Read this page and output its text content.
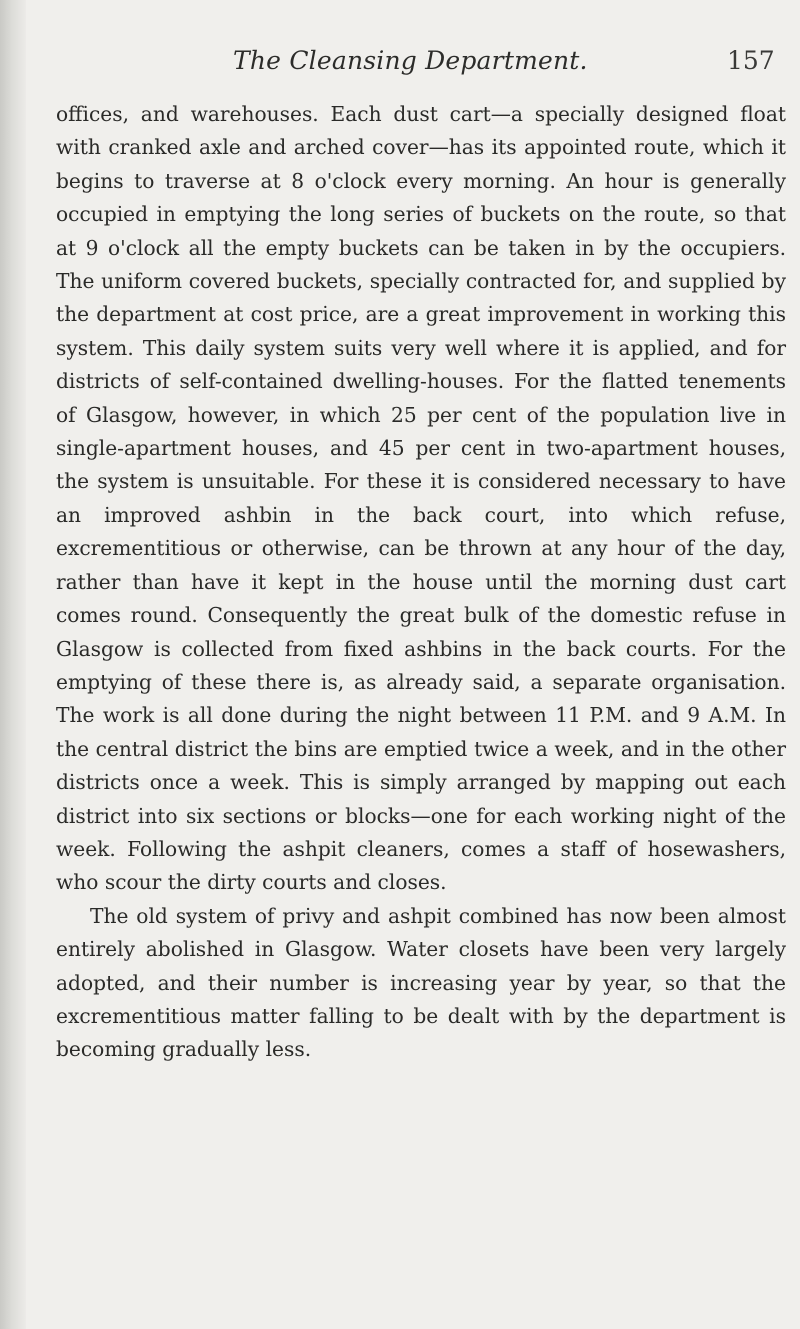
The Cleansing Department.	157

offices, and warehouses. Each dust cart—a specially designed float with cranked axle and arched cover—has its appointed route, which it begins to traverse at 8 o'clock every morning. An hour is generally occupied in emptying the long series of buckets on the route, so that at 9 o'clock all the empty buckets can be taken in by the occupiers. The uniform covered buckets, specially contracted for, and supplied by the department at cost price, are a great improvement in working this system. This daily system suits very well where it is applied, and for districts of self-contained dwelling-houses. For the flatted tenements of Glasgow, however, in which 25 per cent of the population live in single-apartment houses, and 45 per cent in two-apartment houses, the system is unsuitable. For these it is considered necessary to have an improved ashbin in the back court, into which refuse, excrementitious or otherwise, can be thrown at any hour of the day, rather than have it kept in the house until the morning dust cart comes round. Consequently the great bulk of the domestic refuse in Glasgow is collected from fixed ashbins in the back courts. For the emptying of these there is, as already said, a separate organisation. The work is all done during the night between 11 P.M. and 9 A.M. In the central district the bins are emptied twice a week, and in the other districts once a week. This is simply arranged by mapping out each district into six sections or blocks—one for each working night of the week. Following the ashpit cleaners, comes a staff of hosewashers, who scour the dirty courts and closes.

The old system of privy and ashpit combined has now been almost entirely abolished in Glasgow. Water closets have been very largely adopted, and their number is increasing year by year, so that the excrementitious matter falling to be dealt with by the department is becoming gradually less.
